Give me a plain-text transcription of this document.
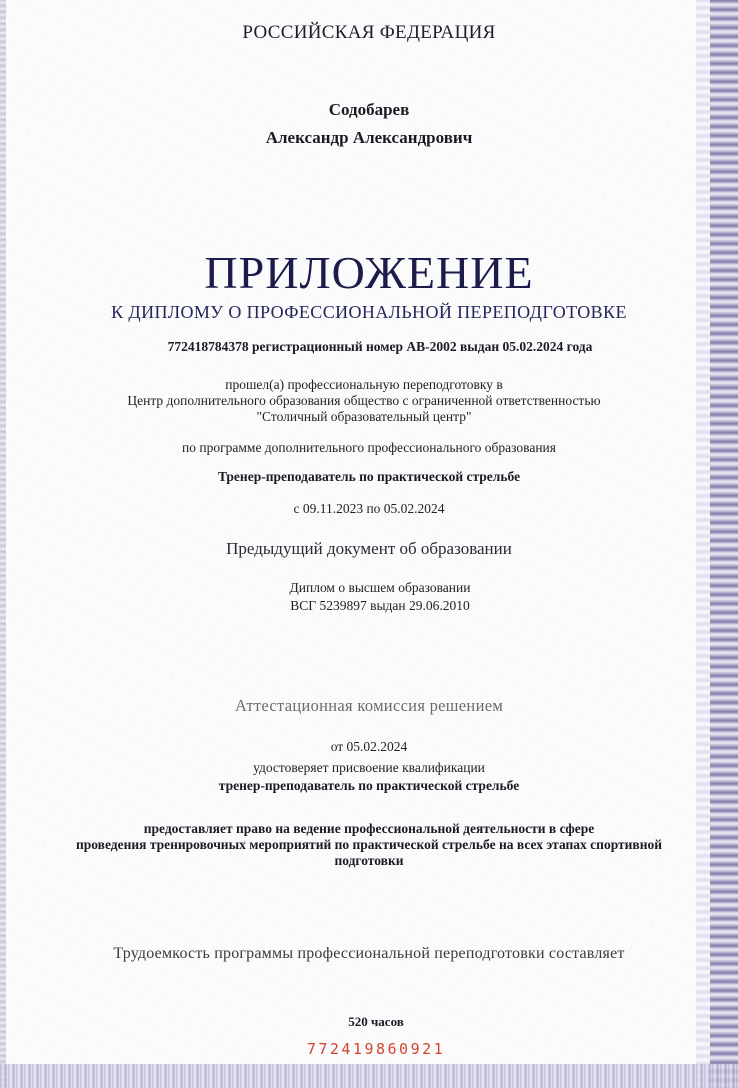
РОССИЙСКАЯ ФЕДЕРАЦИЯ

Содобарев
Александр Александрович

ПРИЛОЖЕНИЕ

К ДИПЛОМУ О ПРОФЕССИОНАЛЬНОЙ ПЕРЕПОДГОТОВКЕ

772418784378 регистрационный номер АВ-2002 выдан 05.02.2024 года

прошел(а) профессиональную переподготовку в
Центр дополнительного образования общество с ограниченной ответственностью
"Столичный образовательный центр"

по программе дополнительного профессионального образования

Тренер-преподаватель по практической стрельбе

с 09.11.2023 по 05.02.2024

Предыдущий документ об образовании

Диплом о высшем образовании
ВСГ 5239897 выдан 29.06.2010

Аттестационная комиссия решением

от 05.02.2024

удостоверяет присвоение квалификации

тренер-преподаватель по практической стрельбе

предоставляет право на ведение профессиональной деятельности в сфере
проведения тренировочных мероприятий по практической стрельбе на всех этапах спортивной
подготовки

Трудоемкость программы профессиональной переподготовки составляет

520 часов

772419860921
